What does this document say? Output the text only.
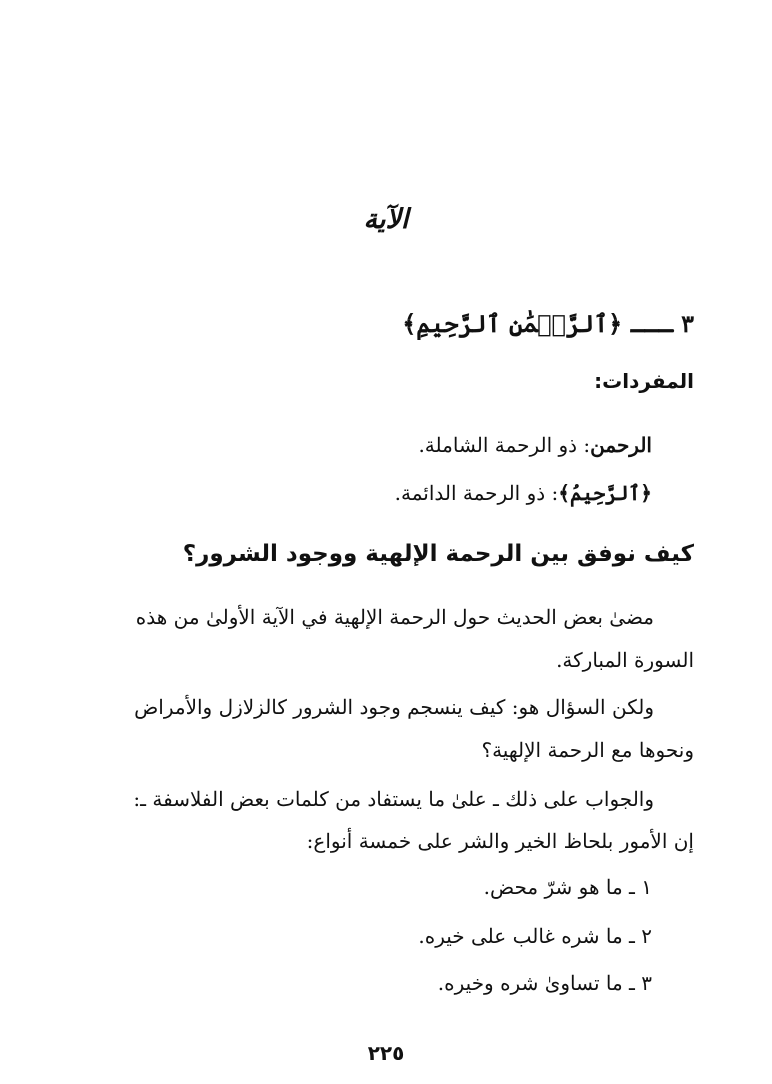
الآية
٣ ـــ ﴿ٱلرَّحۡمَٰنِ ٱلرَّحِيمِ﴾
المفردات:
الرحمن: ذو الرحمة الشاملة.
﴿ٱلرَّحِيمُ﴾: ذو الرحمة الدائمة.
كيف نوفق بين الرحمة الإلهية ووجود الشرور؟
مضىٰ بعض الحديث حول الرحمة الإلهية في الآية الأولىٰ من هذه
السورة المباركة.
ولكن السؤال هو: كيف ينسجم وجود الشرور كالزلازل والأمراض
ونحوها مع الرحمة الإلهية؟
والجواب على ذلك ـ علىٰ ما يستفاد من كلمات بعض الفلاسفة ـ:
إن الأمور بلحاظ الخير والشر على خمسة أنواع:
١ ـ ما هو شرّ محض.
٢ ـ ما شره غالب على خيره.
٣ ـ ما تساوىٰ شره وخيره.
٢٢٥
